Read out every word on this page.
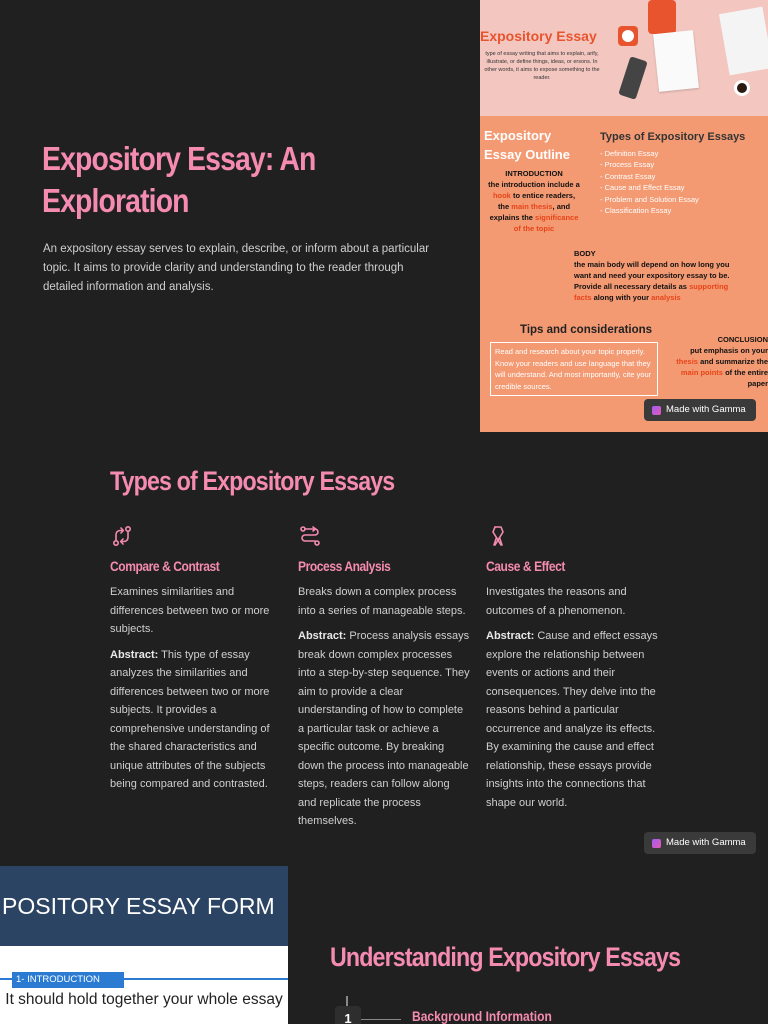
Expository Essay: An Exploration

An expository essay serves to explain, describe, or inform about a particular topic. It aims to provide clarity and understanding to the reader through detailed information and analysis.

Expository Essay
type of essay writing that aims to explain, arify, illustrate, or define things, ideas, or ersons. In other words, it aims to expose something to the reader.
Expository Essay Outline
Types of Expository Essays
- Definition Essay
- Process Essay
- Contrast Essay
- Cause and Effect Essay
- Problem and Solution Essay
- Classification Essay
INTRODUCTION
the introduction include a hook to entice readers, the main thesis, and explains the significance of the topic
BODY
the main body will depend on how long you want and need your expository essay to be. Provide all necessary details as supporting facts along with your analysis
Tips and considerations
Read and research about your topic properly. Know your readers and use language that they will understand. And most importantly, cite your credible sources.
CONCLUSION
put emphasis on your thesis and summarize the main points of the entire paper
Made with Gamma
Types of Expository Essays
Compare & Contrast

Examines similarities and differences between two or more subjects.

Abstract: This type of essay analyzes the similarities and differences between two or more subjects. It provides a comprehensive understanding of the shared characteristics and unique attributes of the subjects being compared and contrasted.

Process Analysis

Breaks down a complex process into a series of manageable steps.

Abstract: Process analysis essays break down complex processes into a step-by-step sequence. They aim to provide a clear understanding of how to complete a particular task or achieve a specific outcome. By breaking down the process into manageable steps, readers can follow along and replicate the process themselves.

Cause & Effect

Investigates the reasons and outcomes of a phenomenon.

Abstract: Cause and effect essays explore the relationship between events or actions and their consequences. They delve into the reasons behind a particular occurrence and analyze its effects. By examining the cause and effect relationship, these essays provide insights into the connections that shape our world.

Made with Gamma
POSITORY ESSAY FORM
1- INTRODUCTION
It should hold together your whole essay
Understanding Expository Essays
1	Background Information
